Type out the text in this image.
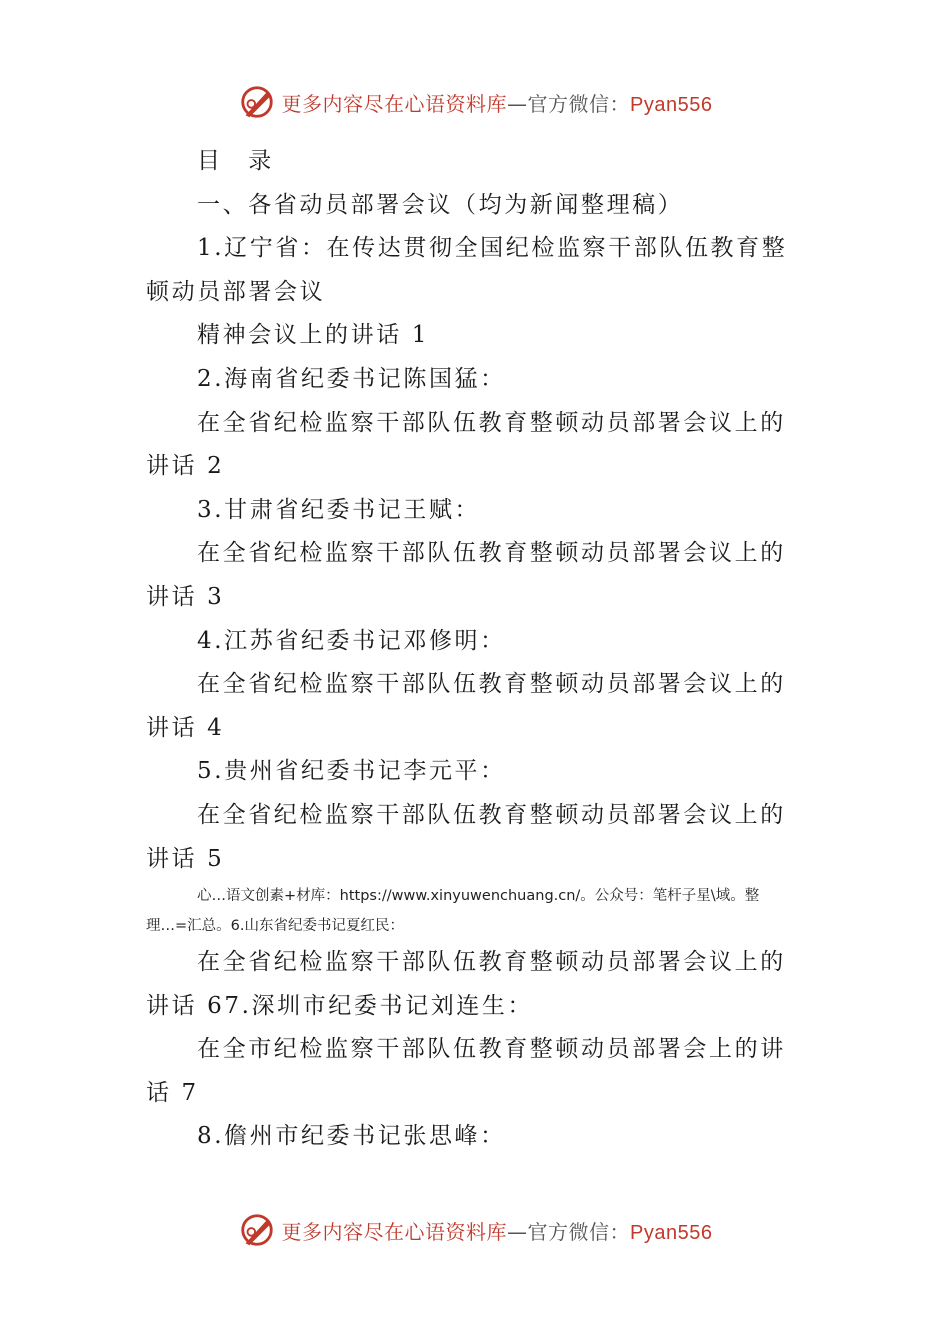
更多内容尽在心语资料库—官方微信：Pyan556
目　录
一、各省动员部署会议（均为新闻整理稿）
1.辽宁省：在传达贯彻全国纪检监察干部队伍教育整
顿动员部署会议
精神会议上的讲话 1
2.海南省纪委书记陈国猛：
在全省纪检监察干部队伍教育整顿动员部署会议上的
讲话 2
3.甘肃省纪委书记王赋：
在全省纪检监察干部队伍教育整顿动员部署会议上的
讲话 3
4.江苏省纪委书记邓修明：
在全省纪检监察干部队伍教育整顿动员部署会议上的
讲话 4
5.贵州省纪委书记李元平：
在全省纪检监察干部队伍教育整顿动员部署会议上的
讲话 5
心…语文创素+材库：https://www.xinyuwenchuang.cn/。公众号：笔杆子星\域。整
理…=汇总。6.山东省纪委书记夏红民：
在全省纪检监察干部队伍教育整顿动员部署会议上的
讲话 67.深圳市纪委书记刘连生：
在全市纪检监察干部队伍教育整顿动员部署会上的讲
话 7
8.儋州市纪委书记张思峰：
更多内容尽在心语资料库—官方微信：Pyan556
